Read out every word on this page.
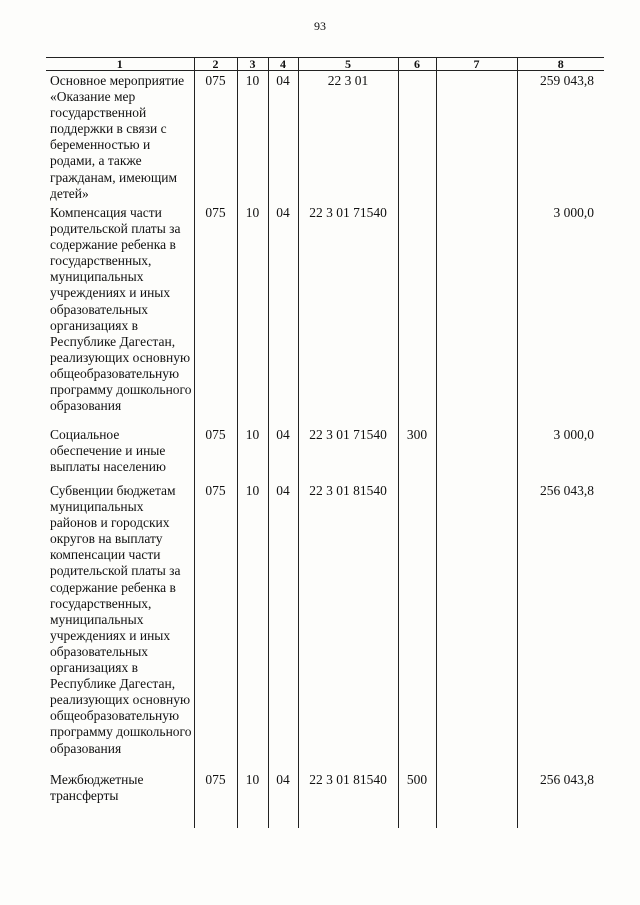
93
1	2	3	4	5	6	7	8

Основное мероприятие «Оказание мер государственной поддержки в связи с беременностью и родами, а также гражданам, имеющим детей»	075	10	04	22 3 01			259 043,8

Компенсация части родительской платы за содержание ребенка в государственных, муниципальных учреждениях и иных образовательных организациях в Республике Дагестан, реализующих основную общеобразовательную программу дошкольного образования	075	10	04	22 3 01 71540			3 000,0

Социальное обеспечение и иные выплаты населению	075	10	04	22 3 01 71540	300		3 000,0

Субвенции бюджетам муниципальных районов и городских округов на выплату компенсации части родительской платы за содержание ребенка в государственных, муниципальных учреждениях и иных образовательных организациях в Республике Дагестан, реализующих основную общеобразовательную программу дошкольного образования	075	10	04	22 3 01 81540			256 043,8

Межбюджетные трансферты	075	10	04	22 3 01 81540	500		256 043,8
